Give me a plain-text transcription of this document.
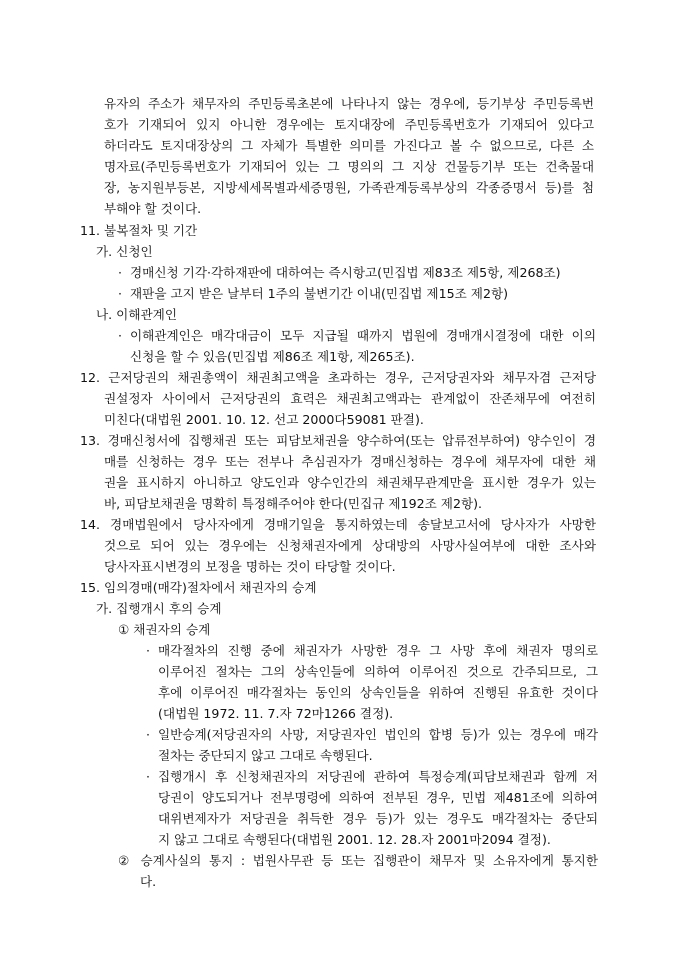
유자의 주소가 채무자의 주민등록초본에 나타나지 않는 경우에, 등기부상 주민등록번
호가 기재되어 있지 아니한 경우에는 토지대장에 주민등록번호가 기재되어 있다고
하더라도 토지대장상의 그 자체가 특별한 의미를 가진다고 볼 수 없으므로, 다른 소
명자료(주민등록번호가 기재되어 있는 그 명의의 그 지상 건물등기부 또는 건축물대
장, 농지원부등본, 지방세세목별과세증명원, 가족관계등록부상의 각종증명서 등)를 첨
부해야 할 것이다.
11. 불복절차 및 기간
가. 신청인
· 경매신청 기각·각하재판에 대하여는 즉시항고(민집법 제83조 제5항, 제268조)
· 재판을 고지 받은 날부터 1주의 불변기간 이내(민집법 제15조 제2항)
나. 이해관계인
· 이해관계인은 매각대금이 모두 지급될 때까지 법원에 경매개시결정에 대한 이의
신청을 할 수 있음(민집법 제86조 제1항, 제265조).
12. 근저당권의 채권총액이 채권최고액을 초과하는 경우, 근저당권자와 채무자겸 근저당
권설정자 사이에서 근저당권의 효력은 채권최고액과는 관계없이 잔존채무에 여전히
미친다(대법원 2001. 10. 12. 선고 2000다59081 판결).
13. 경매신청서에 집행채권 또는 피담보채권을 양수하여(또는 압류전부하여) 양수인이 경
매를 신청하는 경우 또는 전부나 추심권자가 경매신청하는 경우에 채무자에 대한 채
권을 표시하지 아니하고 양도인과 양수인간의 채권채무관계만을 표시한 경우가 있는
바, 피담보채권을 명확히 특정해주어야 한다(민집규 제192조 제2항).
14. 경매법원에서 당사자에게 경매기일을 통지하였는데 송달보고서에 당사자가 사망한
것으로 되어 있는 경우에는 신청채권자에게 상대방의 사망사실여부에 대한 조사와
당사자표시변경의 보정을 명하는 것이 타당할 것이다.
15. 임의경매(매각)절차에서 채권자의 승계
가. 집행개시 후의 승계
① 채권자의 승계
· 매각절차의 진행 중에 채권자가 사망한 경우 그 사망 후에 채권자 명의로
이루어진 절차는 그의 상속인들에 의하여 이루어진 것으로 간주되므로, 그
후에 이루어진 매각절차는 동인의 상속인들을 위하여 진행된 유효한 것이다
(대법원 1972. 11. 7.자 72마1266 결정).
· 일반승계(저당권자의 사망, 저당권자인 법인의 합병 등)가 있는 경우에 매각
절차는 중단되지 않고 그대로 속행된다.
· 집행개시 후 신청채권자의 저당권에 관하여 특정승계(피담보채권과 함께 저
당권이 양도되거나 전부명령에 의하여 전부된 경우, 민법 제481조에 의하여
대위변제자가 저당권을 취득한 경우 등)가 있는 경우도 매각절차는 중단되
지 않고 그대로 속행된다(대법원 2001. 12. 28.자 2001마2094 결정).
② 승계사실의 통지 : 법원사무관 등 또는 집행관이 채무자 및 소유자에게 통지한
다.
